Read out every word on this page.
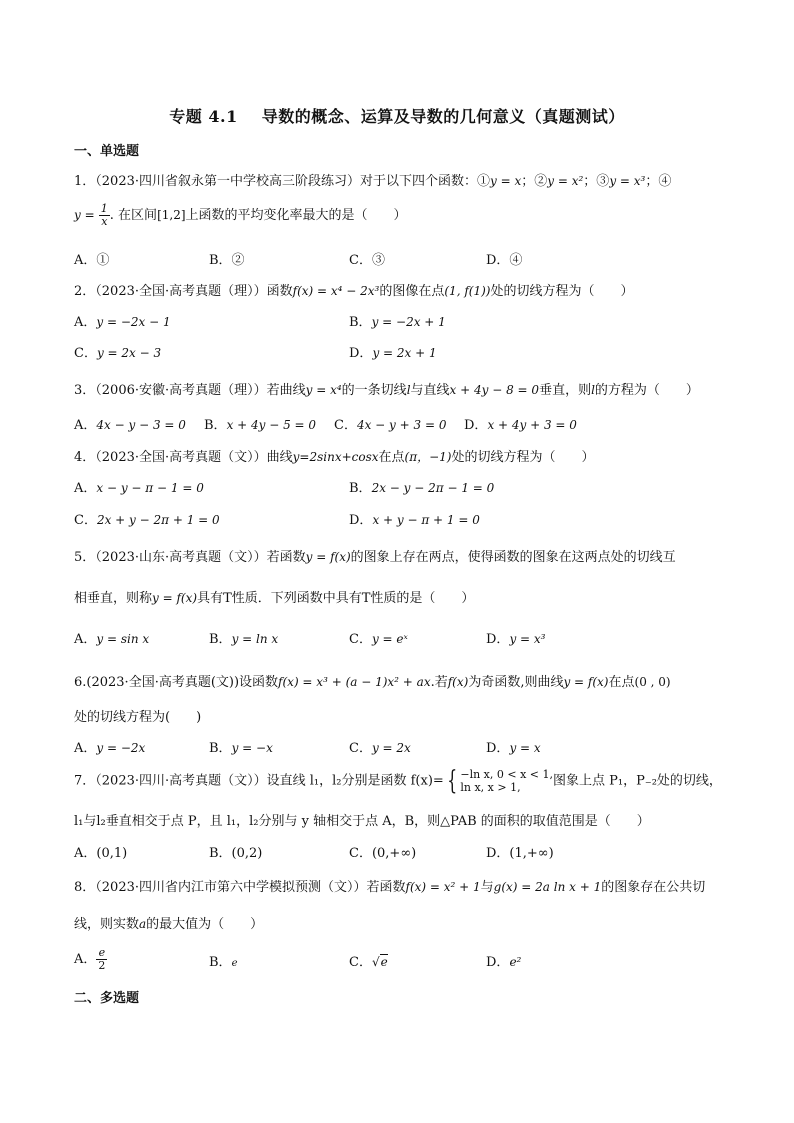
专题 4.1 导数的概念、运算及导数的几何意义（真题测试）
一、单选题
1．（2023·四川省叙永第一中学校高三阶段练习）对于以下四个函数：①y = x；②y = x²；③y = x³；④
$y = \frac{1}{x}$ . 在区间[1,2]上函数的平均变化率最大的是（　　）
A．①	B．②	C．③	D．④
2．（2023·全国·高考真题（理））函数f(x) = x⁴ − 2x³的图像在点(1, f(1))处的切线方程为（　　）
A．y = −2x − 1	B．y = −2x + 1
C．y = 2x − 3	D．y = 2x + 1
3．（2006·安徽·高考真题（理））若曲线y = x⁴的一条切线l与直线x + 4y − 8 = 0垂直，则l的方程为（　　）
A．4x − y − 3 = 0 B．x + 4y − 5 = 0 C．4x − y + 3 = 0 D．x + 4y + 3 = 0
4．（2023·全国·高考真题（文））曲线y=2sinx+cosx在点(π，−1)处的切线方程为（　　）
A．x − y − π − 1 = 0	B．2x − y − 2π − 1 = 0
C．2x + y − 2π + 1 = 0	D．x + y − π + 1 = 0
5．（2023·山东·高考真题（文））若函数y = f(x)的图象上存在两点，使得函数的图象在这两点处的切线互
相垂直，则称y = f(x)具有T性质．下列函数中具有T性质的是（　　）
A．y = sin x	B．y = ln x	C．y = eˣ	D．y = x³
6.(2023·全国·高考真题(文))设函数f(x) = x³ + (a − 1)x² + ax.若f(x)为奇函数,则曲线y = f(x)在点(0 , 0)
处的切线方程为(　　)
A．y = −2x	B．y = −x	C．y = 2x	D．y = x
7．（2023·四川·高考真题（文））设直线 l₁，l₂分别是函数 f(x)= { −ln x, 0 < x < 1,
ln x, x > 1,	图象上点 P₁，P₋₂处的切线，
l₁与l₂垂直相交于点 P，且 l₁，l₂分别与 y 轴相交于点 A，B，则△PAB 的面积的取值范围是（　　）
A．(0,1)	B．(0,2)	C．(0,+∞)	D．(1,+∞)
8．（2023·四川省内江市第六中学模拟预测（文））若函数f(x) = x² + 1与g(x) = 2a ln x + 1的图象存在公共切
线，则实数a的最大值为（　　）
A． $\frac{e}{2}$	B．e	C．√e	D．e²
二、多选题
